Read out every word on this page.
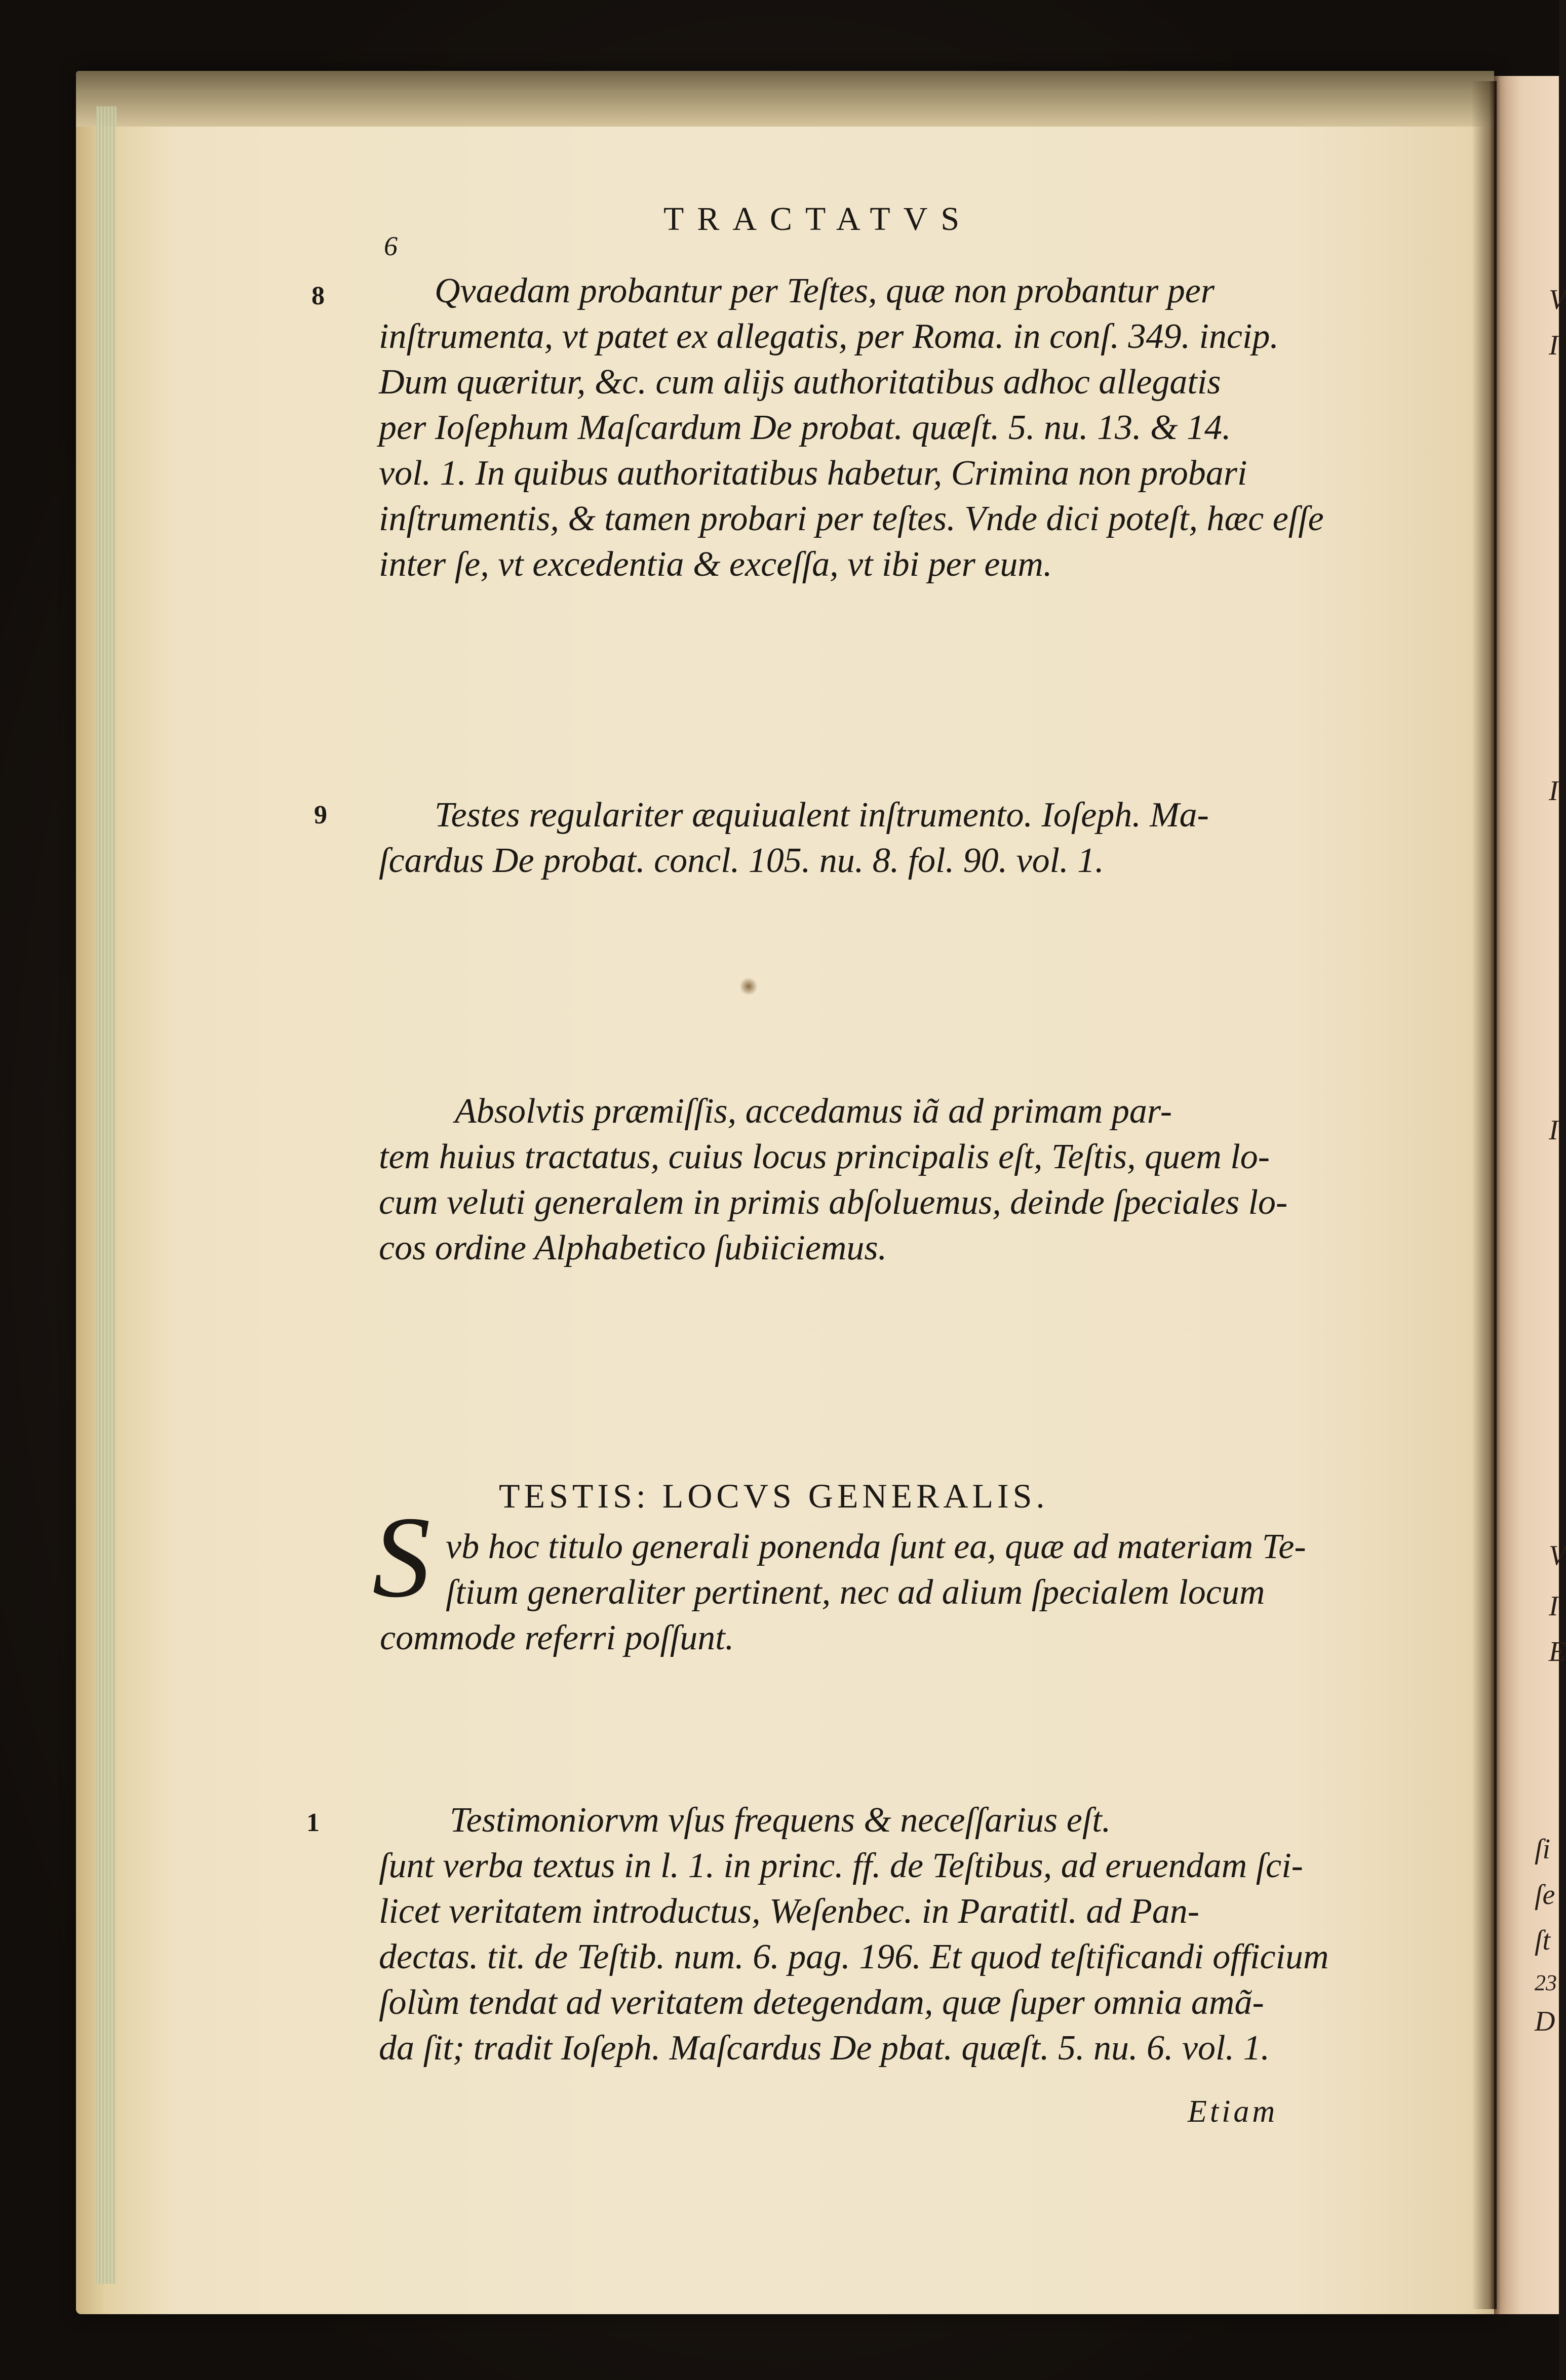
6
TRACTATVS
8	Qvaedam probantur per Teſtes, quæ non probantur per
inſtrumenta, vt patet ex allegatis, per Roma. in conſ. 349. incip.
Dum quæritur, &c. cum alijs authoritatibus adhoc allegatis
per Ioſephum Maſcardum De probat. quæſt. 5. nu. 13. & 14.
vol. 1. In quibus authoritatibus habetur, Crimina non probari
inſtrumentis, & tamen probari per teſtes. Vnde dici poteſt, hæc eſſe
inter ſe, vt excedentia & exceſſa, vt ibi per eum.
9	Testes regulariter æquiualent inſtrumento. Ioſeph. Ma-
ſcardus De probat. concl. 105. nu. 8. fol. 90. vol. 1.
Absolvtis præmiſſis, accedamus iã ad primam par-
tem huius tractatus, cuius locus principalis eſt, Teſtis, quem lo-
cum veluti generalem in primis abſoluemus, deinde ſpeciales lo-
cos ordine Alphabetico ſubiiciemus.
TESTIS: LOCVS GENERALIS.
S vb hoc titulo generali ponenda ſunt ea, quæ ad materiam Te-
ſtium generaliter pertinent, nec ad alium ſpecialem locum
commode referri poſſunt.
1	Testimoniorvm vſus frequens & neceſſarius eſt.
ſunt verba textus in l. 1. in princ. ff. de Teſtibus, ad eruendam ſci-
licet veritatem introductus, Weſenbec. in Paratitl. ad Pan-
dectas. tit. de Teſtib. num. 6. pag. 196. Et quod teſtificandi officium
ſolùm tendat ad veritatem detegendam, quæ ſuper omnia amã-
da ſit; tradit Ioſeph. Maſcardus De pbat. quæſt. 5. nu. 6. vol. 1.
Etiam
V
I
I
I
V
I
E
ſi
ſe
ſt
23
D
